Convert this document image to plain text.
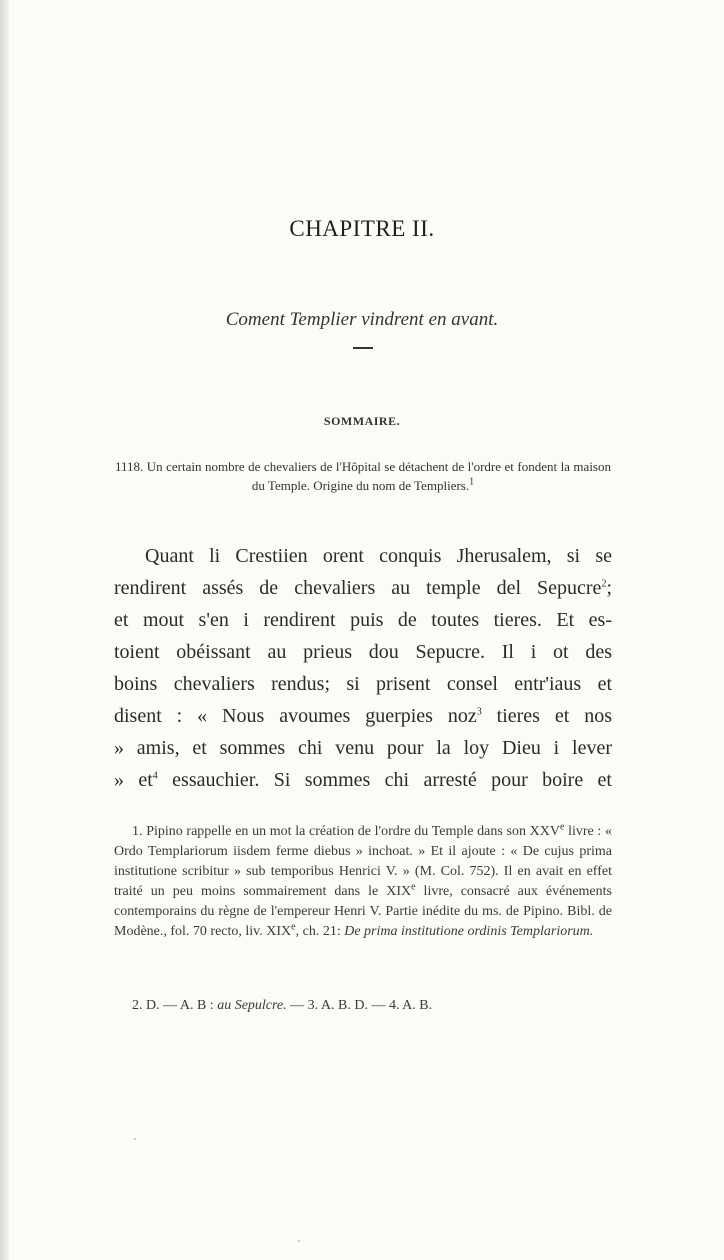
CHAPITRE II.
Coment Templier vindrent en avant.
SOMMAIRE.
1118. Un certain nombre de chevaliers de l'Hôpital se détachent de l'ordre et fondent la maison du Temple. Origine du nom de Templiers.$^1$
Quant li Crestiien orent conquis Jherusalem, si se
rendirent assés de chevaliers au temple del Sepucre$^2$;
et mout s'en i rendirent puis de toutes tieres. Et es-
toient obéissant au prieus dou Sepucre. Il i ot des
boins chevaliers rendus; si prisent consel entr'iaus et
disent : « Nous avoumes guerpies noz$^3$ tieres et nos
» amis, et sommes chi venu pour la loy Dieu i lever
» $et^4$ essauchier. Si sommes chi arresté pour boire et
1. Pipino rappelle en un mot la création de l'ordre du Temple dans son XXVe livre : « Ordo Templariorum iisdem ferme diebus » inchoat. » Et il ajoute : « De cujus prima institutione scribitur » sub temporibus Henrici V. » (M. Col. 752). Il en avait en effet traité un peu moins sommairement dans le XIXe livre, consacré aux événements contemporains du règne de l'empereur Henri V. Partie inédite du ms. de Pipino. Bibl. de Modène., fol. 70 recto, liv. XIXe, ch. 21: De prima institutione ordinis Templariorum.
2. D. — A. B : au Sepulcre. — 3. A. B. D. — 4. A. B.
